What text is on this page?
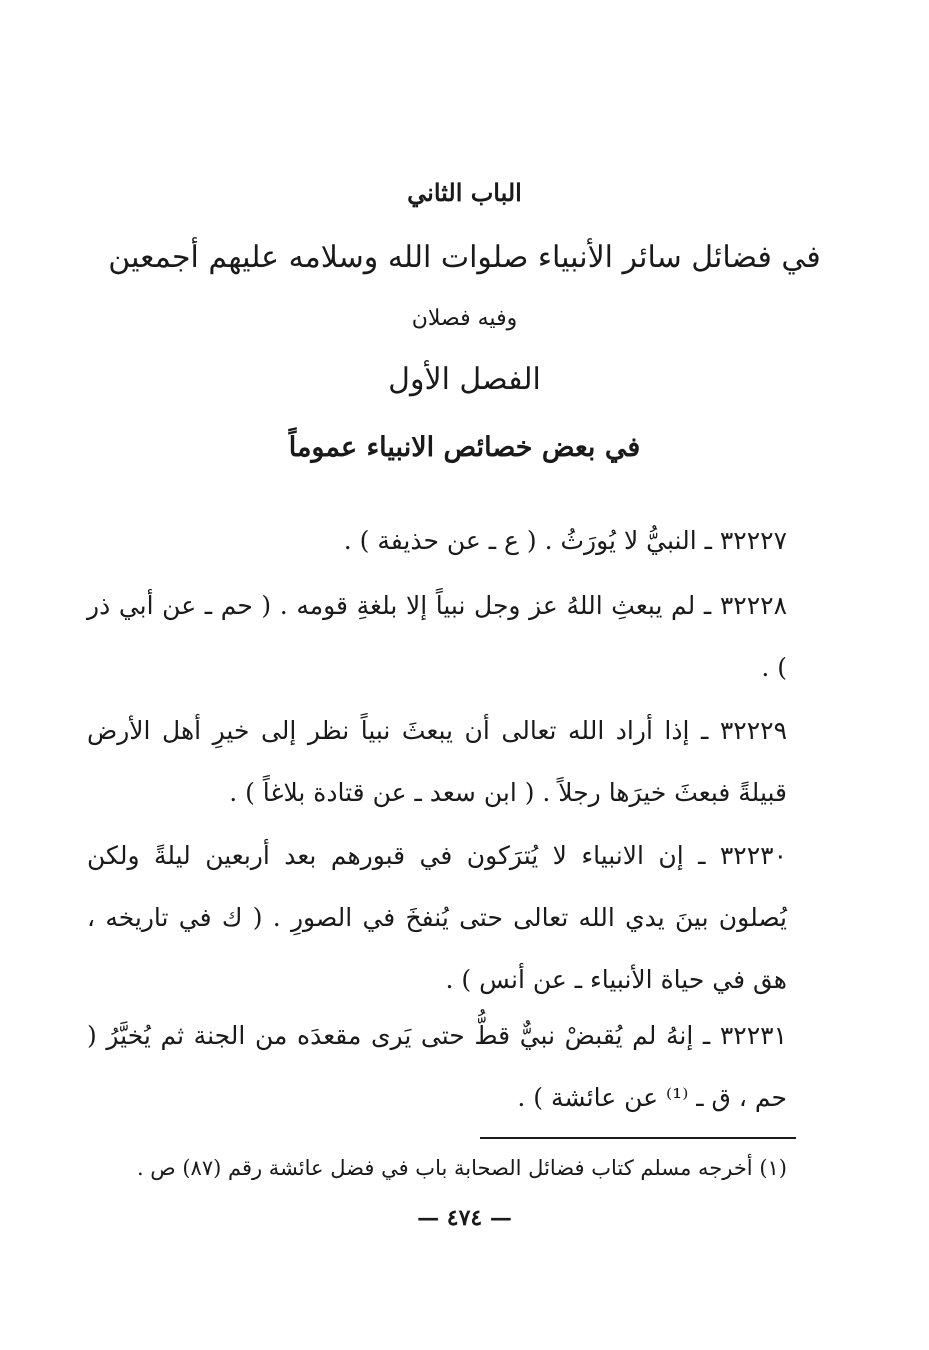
الباب الثاني
في فضائل سائر الأنبياء صلوات الله وسلامه عليهم أجمعين
وفيه فصلان
الفصل الأول
في بعض خصائص الانبياء عموماً
٣٢٢٢٧ ـ النبيُّ لا يُورَثُ . ( ع ـ عن حذيفة ) .
٣٢٢٢٨ ـ لم يبعثِ اللهُ عز وجل نبياً إلا بلغةِ قومه . ( حم ـ عن أبي ذر ) .
٣٢٢٢٩ ـ إذا أراد الله تعالى أن يبعثَ نبياً نظر إلى خيرِ أهل الأرض قبيلةً فبعثَ خيرَها رجلاً . ( ابن سعد ـ عن قتادة بلاغاً ) .
٣٢٢٣٠ ـ إن الانبياء لا يُترَكون في قبورهم بعد أربعين ليلةً ولكن يُصلون بينَ يدي الله تعالى حتى يُنفخَ في الصورِ . ( ك في تاريخه ، هق في حياة الأنبياء ـ عن أنس ) .
٣٢٢٣١ ـ إنهُ لم يُقبضْ نبيٌّ قطُّ حتى يَرى مقعدَه من الجنة ثم يُخيَّرُ ( حم ، ق ـ ⁽¹⁾ عن عائشة ) .
(١) أخرجه مسلم كتاب فضائل الصحابة باب في فضل عائشة رقم (٨٧) ص .
— ٤٧٤ —
